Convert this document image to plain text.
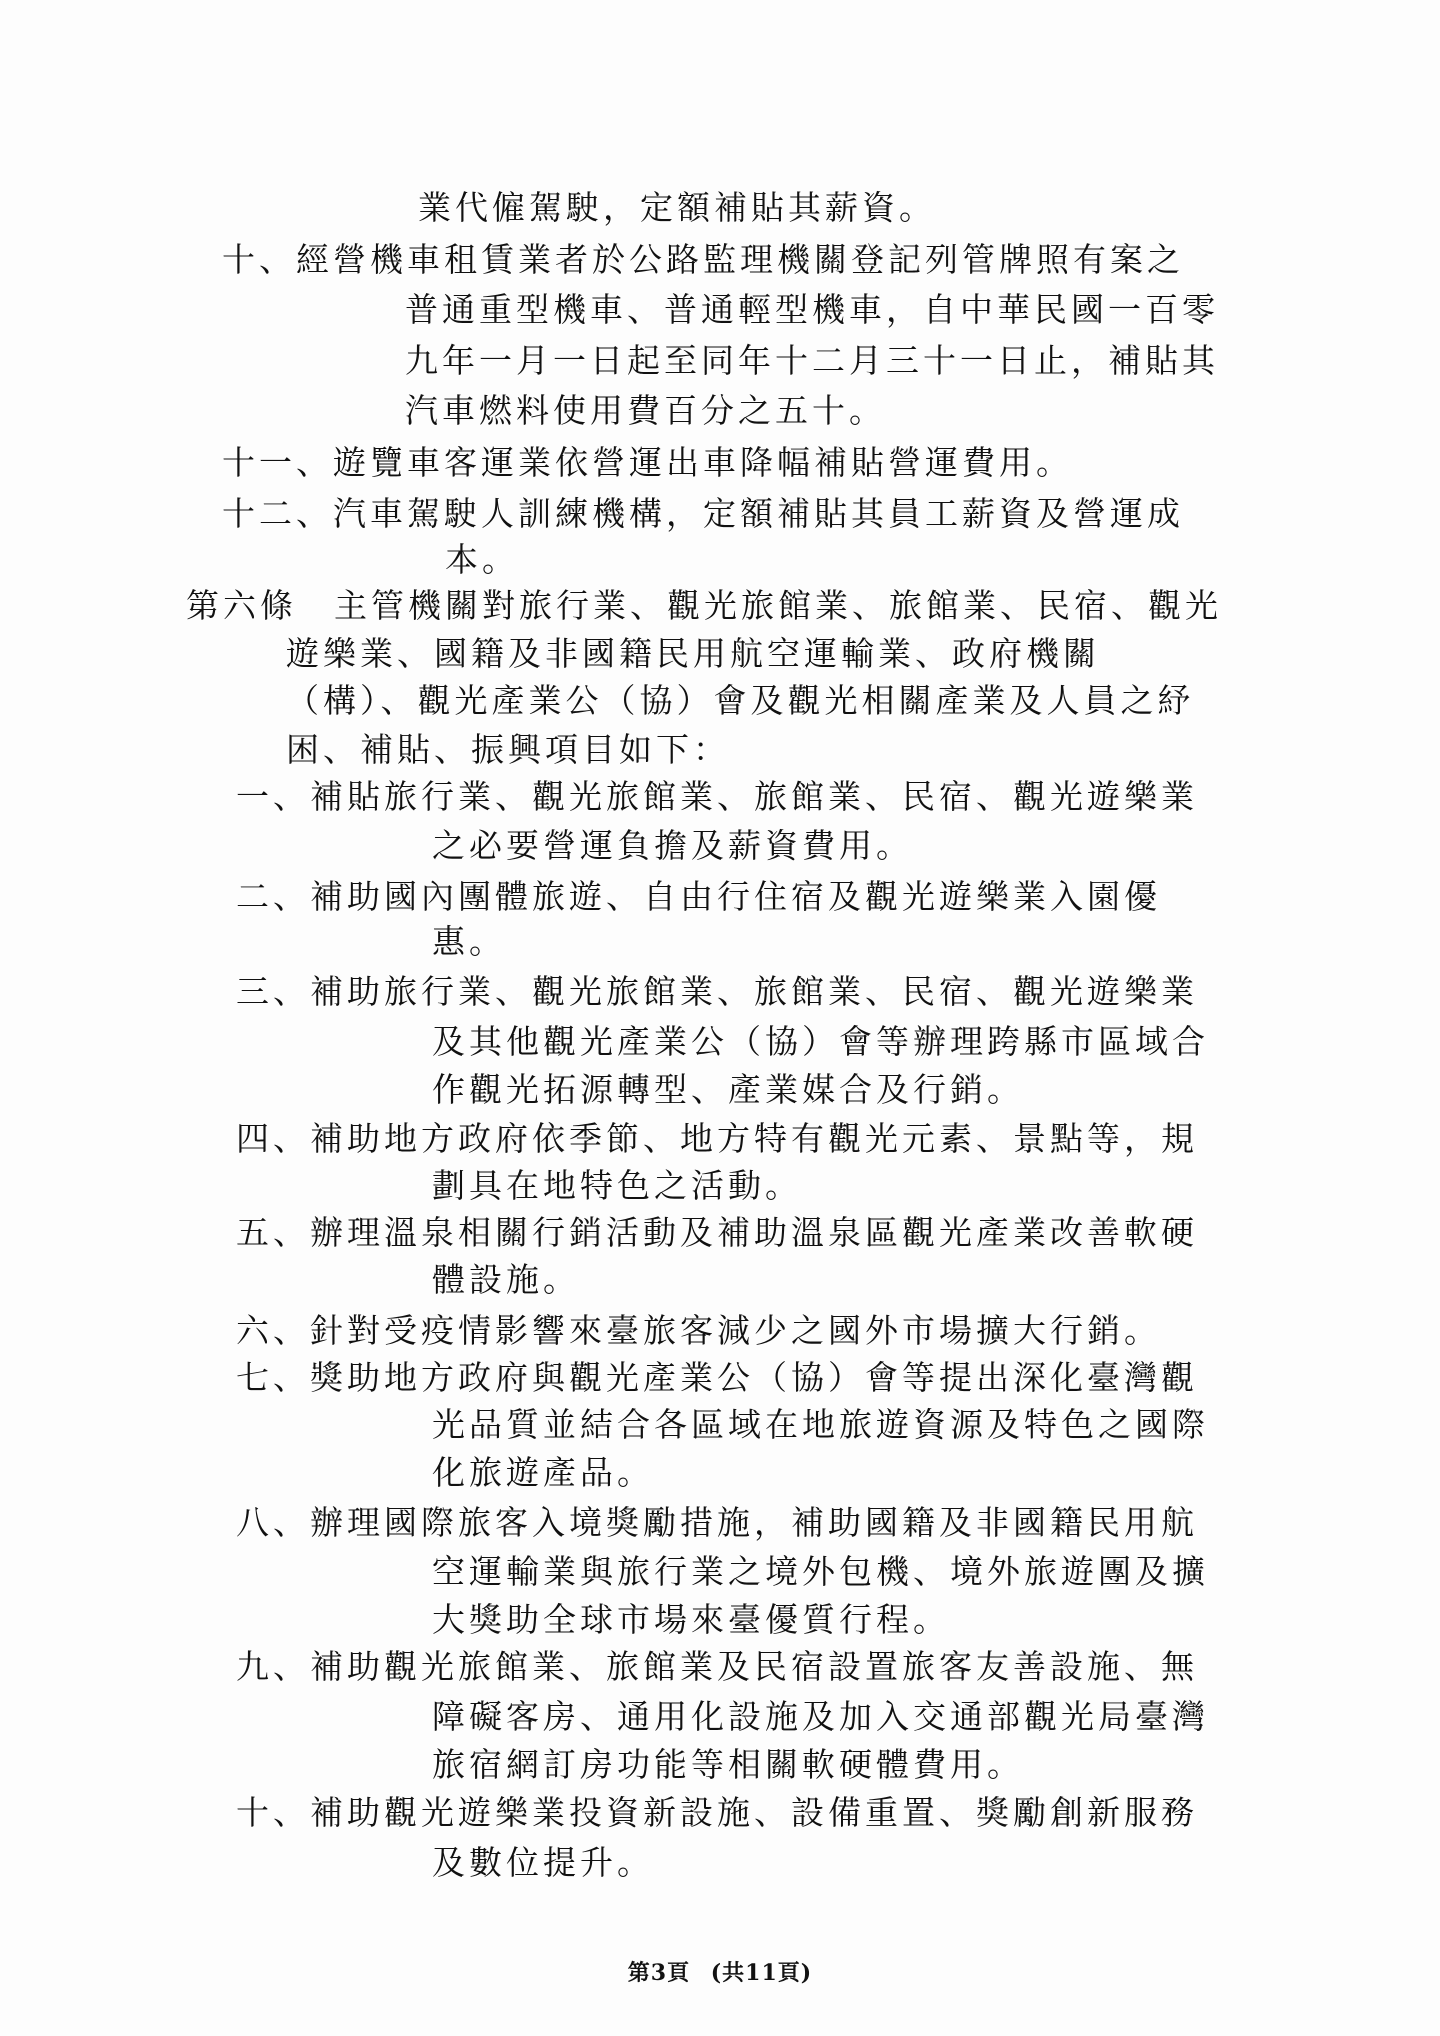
業代僱駕駛，定額補貼其薪資。
十、經營機車租賃業者於公路監理機關登記列管牌照有案之
普通重型機車、普通輕型機車，自中華民國一百零
九年一月一日起至同年十二月三十一日止，補貼其
汽車燃料使用費百分之五十。
十一、遊覽車客運業依營運出車降幅補貼營運費用。
十二、汽車駕駛人訓練機構，定額補貼其員工薪資及營運成
本。
第六條　主管機關對旅行業、觀光旅館業、旅館業、民宿、觀光
遊樂業、國籍及非國籍民用航空運輸業、政府機關
（構）、觀光產業公（協）會及觀光相關產業及人員之紓
困、補貼、振興項目如下：
一、補貼旅行業、觀光旅館業、旅館業、民宿、觀光遊樂業
之必要營運負擔及薪資費用。
二、補助國內團體旅遊、自由行住宿及觀光遊樂業入園優
惠。
三、補助旅行業、觀光旅館業、旅館業、民宿、觀光遊樂業
及其他觀光產業公（協）會等辦理跨縣市區域合
作觀光拓源轉型、產業媒合及行銷。
四、補助地方政府依季節、地方特有觀光元素、景點等，規
劃具在地特色之活動。
五、辦理溫泉相關行銷活動及補助溫泉區觀光產業改善軟硬
體設施。
六、針對受疫情影響來臺旅客減少之國外市場擴大行銷。
七、獎助地方政府與觀光產業公（協）會等提出深化臺灣觀
光品質並結合各區域在地旅遊資源及特色之國際
化旅遊產品。
八、辦理國際旅客入境獎勵措施，補助國籍及非國籍民用航
空運輸業與旅行業之境外包機、境外旅遊團及擴
大獎助全球市場來臺優質行程。
九、補助觀光旅館業、旅館業及民宿設置旅客友善設施、無
障礙客房、通用化設施及加入交通部觀光局臺灣
旅宿網訂房功能等相關軟硬體費用。
十、補助觀光遊樂業投資新設施、設備重置、獎勵創新服務
及數位提升。
第3頁 (共11頁)
